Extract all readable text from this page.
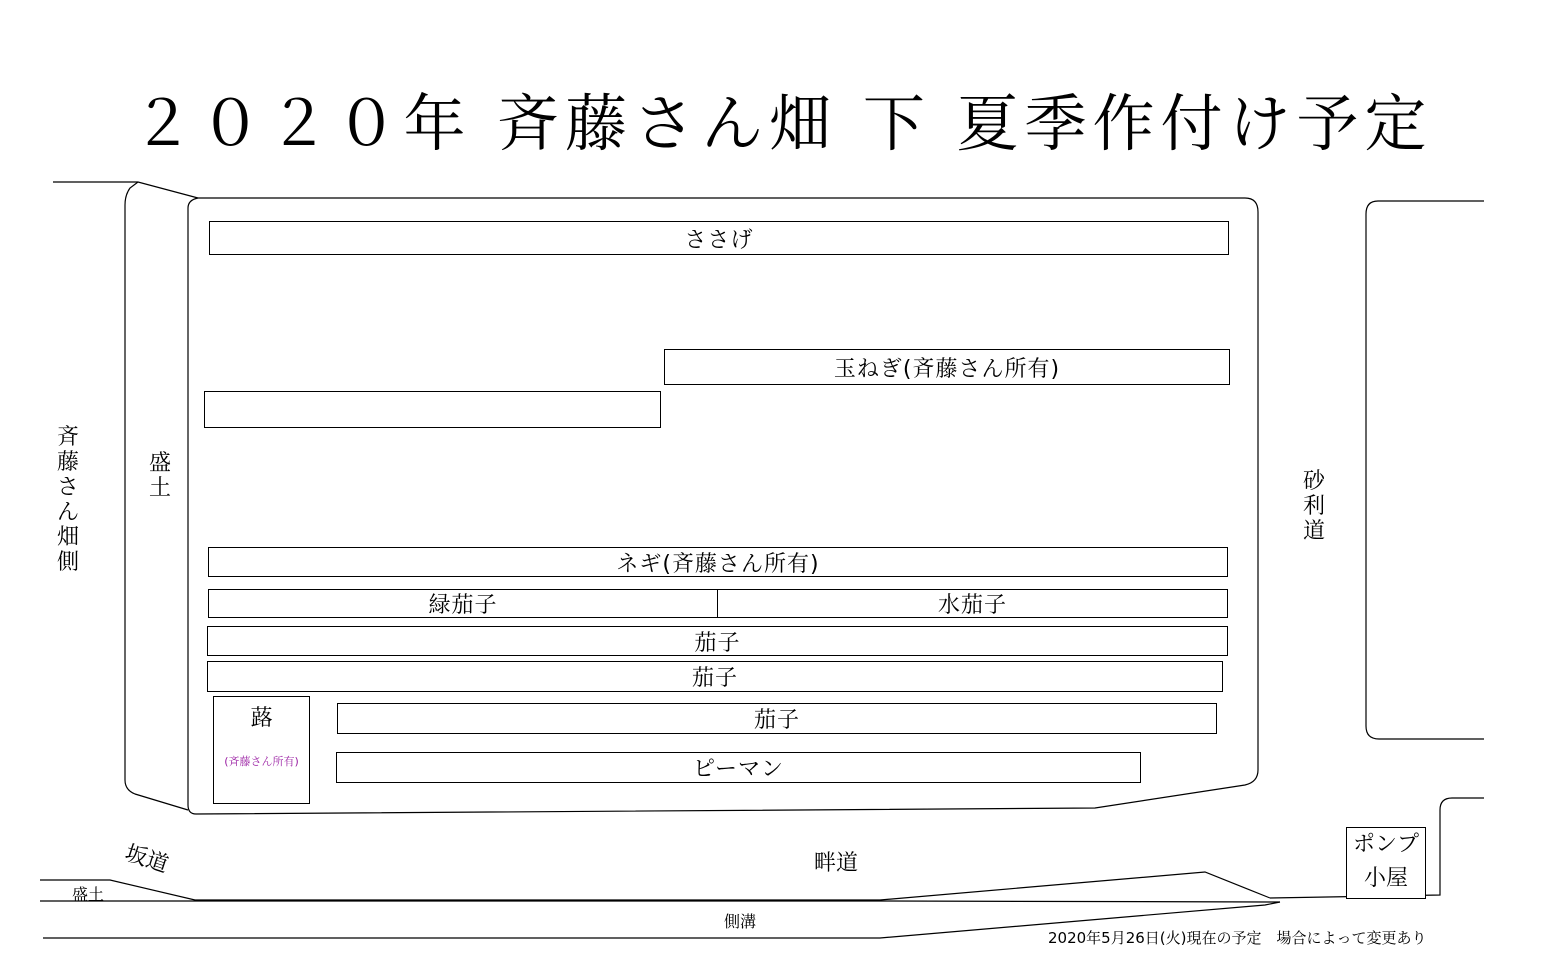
２０２０年 斉藤さん畑 下 夏季作付け予定
斉藤さん畑側
盛土	砂利道
ささげ
玉ねぎ(斉藤さん所有)
ネギ(斉藤さん所有)
緑茄子	水茄子
茄子
茄子
茄子
ピーマン
蕗
(斉藤さん所有)
坂道	畔道
盛土
側溝
ポンプ
小屋
2020年5月26日(火)現在の予定　場合によって変更あり
